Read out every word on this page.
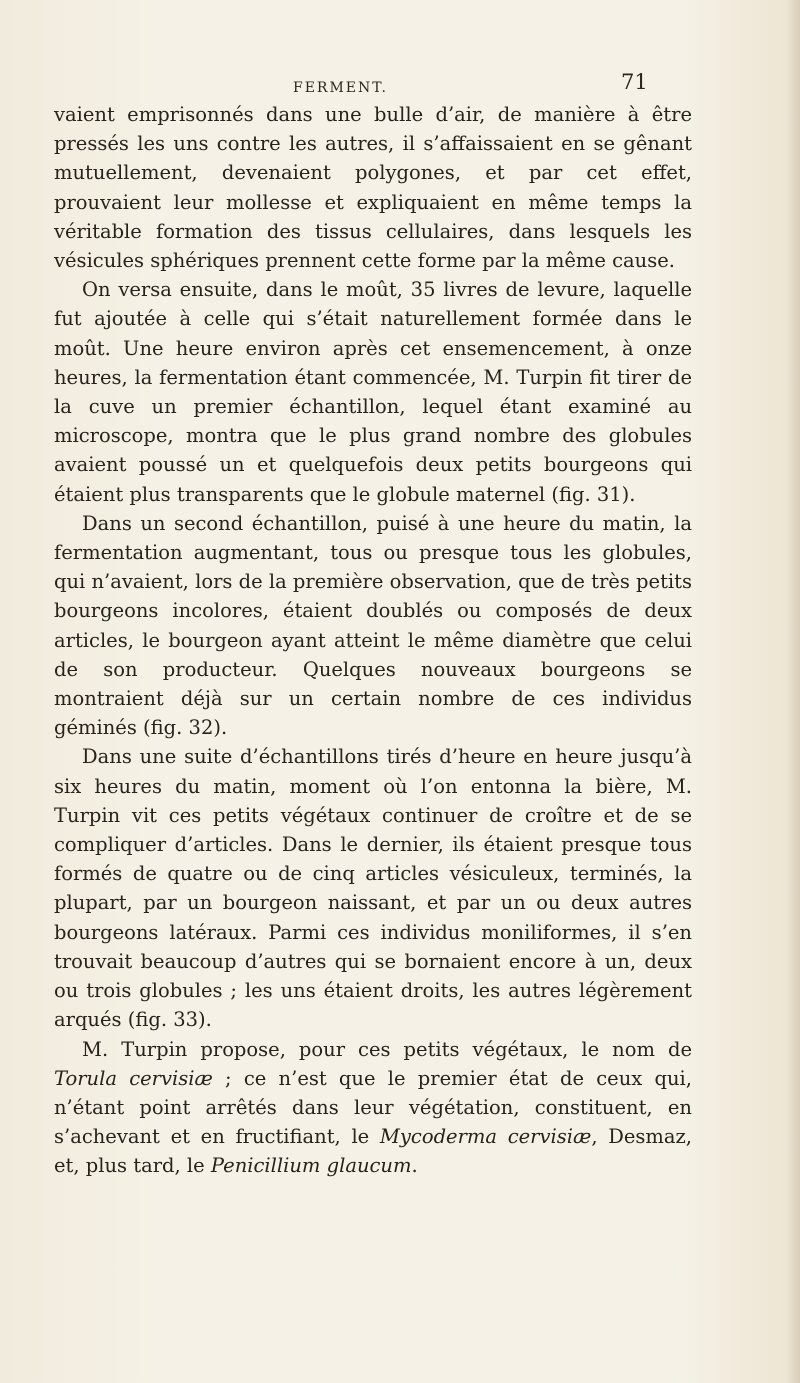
FERMENT.	71

vaient emprisonnés dans une bulle d’air, de manière à être pressés les uns contre les autres, il s’affaissaient en se gênant mutuellement, devenaient polygones, et par cet effet, prouvaient leur mollesse et expliquaient en même temps la véritable formation des tissus cellulaires, dans lesquels les vésicules sphériques prennent cette forme par la même cause.

On versa ensuite, dans le moût, 35 livres de levure, laquelle fut ajoutée à celle qui s’était naturellement formée dans le moût. Une heure environ après cet ensemencement, à onze heures, la fermentation étant commencée, M. Turpin fit tirer de la cuve un premier échantillon, lequel étant examiné au microscope, montra que le plus grand nombre des globules avaient poussé un et quelquefois deux petits bourgeons qui étaient plus transparents que le globule maternel (fig. 31).

Dans un second échantillon, puisé à une heure du matin, la fermentation augmentant, tous ou presque tous les globules, qui n’avaient, lors de la première observation, que de très petits bourgeons incolores, étaient doublés ou composés de deux articles, le bourgeon ayant atteint le même diamètre que celui de son producteur. Quelques nouveaux bourgeons se montraient déjà sur un certain nombre de ces individus géminés (fig. 32).

Dans une suite d’échantillons tirés d’heure en heure jusqu’à six heures du matin, moment où l’on entonna la bière, M. Turpin vit ces petits végétaux continuer de croître et de se compliquer d’articles. Dans le dernier, ils étaient presque tous formés de quatre ou de cinq articles vésiculeux, terminés, la plupart, par un bourgeon naissant, et par un ou deux autres bourgeons latéraux. Parmi ces individus moniliformes, il s’en trouvait beaucoup d’autres qui se bornaient encore à un, deux ou trois globules ; les uns étaient droits, les autres légèrement arqués (fig. 33).

M. Turpin propose, pour ces petits végétaux, le nom de Torula cervisiæ ; ce n’est que le premier état de ceux qui, n’étant point arrêtés dans leur végétation, constituent, en s’achevant et en fructifiant, le Mycoderma cervisiæ, Desmaz, et, plus tard, le Penicillium glaucum.
